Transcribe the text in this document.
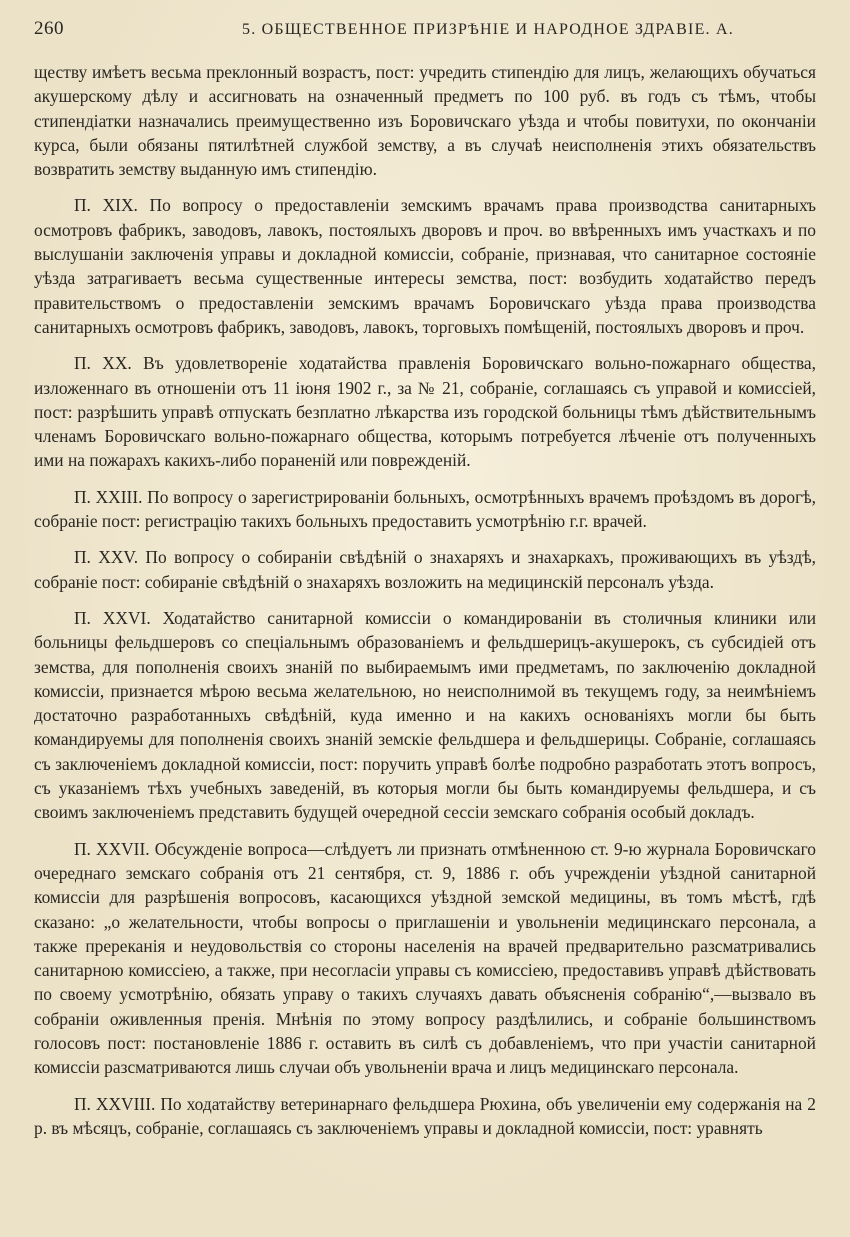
260	5. ОБЩЕСТВЕННОЕ ПРИЗРѢНІЕ И НАРОДНОЕ ЗДРАВІЕ. А.

ществу имѣетъ весьма преклонный возрастъ, пост: учредить стипендію для лицъ, желающихъ обучаться акушерскому дѣлу и ассигновать на означенный предметъ по 100 руб. въ годъ съ тѣмъ, чтобы стипендіатки назначались преимущественно изъ Боровичскаго уѣзда и чтобы повитухи, по окончаніи курса, были обязаны пятилѣтней службой земству, а въ случаѣ неисполненія этихъ обязательствъ возвратить земству выданную имъ стипендію.

П. XIX. По вопросу о предоставленіи земскимъ врачамъ права производства санитарныхъ осмотровъ фабрикъ, заводовъ, лавокъ, постоялыхъ дворовъ и проч. во ввѣренныхъ имъ участкахъ и по выслушаніи заключенія управы и докладной комиссіи, собраніе, признавая, что санитарное состояніе уѣзда затрагиваетъ весьма существенные интересы земства, пост: возбудить ходатайство передъ правительствомъ о предоставленіи земскимъ врачамъ Боровичскаго уѣзда права производства санитарныхъ осмотровъ фабрикъ, заводовъ, лавокъ, торговыхъ помѣщеній, постоялыхъ дворовъ и проч.

П. XX. Въ удовлетвореніе ходатайства правленія Боровичскаго вольно-пожарнаго общества, изложеннаго въ отношеніи отъ 11 іюня 1902 г., за № 21, собраніе, соглашаясь съ управой и комиссіей, пост: разрѣшить управѣ отпускать безплатно лѣкарства изъ городской больницы тѣмъ дѣйствительнымъ членамъ Боровичскаго вольно-пожарнаго общества, которымъ потребуется лѣченіе отъ полученныхъ ими на пожарахъ какихъ-либо пораненій или поврежденій.

П. XXIII. По вопросу о зарегистрированіи больныхъ, осмотрѣнныхъ врачемъ проѣздомъ въ дорогѣ, собраніе пост: регистрацію такихъ больныхъ предоставить усмотрѣнію г.г. врачей.

П. XXV. По вопросу о собираніи свѣдѣній о знахаряхъ и знахаркахъ, проживающихъ въ уѣздѣ, собраніе пост: собираніе свѣдѣній о знахаряхъ возложить на медицинскій персоналъ уѣзда.

П. XXVI. Ходатайство санитарной комиссіи о командированіи въ столичныя клиники или больницы фельдшеровъ со спеціальнымъ образованіемъ и фельдшерицъ-акушерокъ, съ субсидіей отъ земства, для пополненія своихъ знаній по выбираемымъ ими предметамъ, по заключенію докладной комиссіи, признается мѣрою весьма желательною, но неисполнимой въ текущемъ году, за неимѣніемъ достаточно разработанныхъ свѣдѣній, куда именно и на какихъ основаніяхъ могли бы быть командируемы для пополненія своихъ знаній земскіе фельдшера и фельдшерицы. Собраніе, соглашаясь съ заключеніемъ докладной комиссіи, пост: поручить управѣ болѣе подробно разработать этотъ вопросъ, съ указаніемъ тѣхъ учебныхъ заведеній, въ которыя могли бы быть командируемы фельдшера, и съ своимъ заключеніемъ представить будущей очередной сессіи земскаго собранія особый докладъ.

П. XXVII. Обсужденіе вопроса—слѣдуетъ ли признать отмѣненною ст. 9-ю журнала Боровичскаго очереднаго земскаго собранія отъ 21 сентября, ст. 9, 1886 г. объ учрежденіи уѣздной санитарной комиссіи для разрѣшенія вопросовъ, касающихся уѣздной земской медицины, въ томъ мѣстѣ, гдѣ сказано: „о желательности, чтобы вопросы о приглашеніи и увольненіи медицинскаго персонала, а также пререканія и неудовольствія со стороны населенія на врачей предварительно разсматривались санитарною комиссіею, а также, при несогласіи управы съ комиссіею, предоставивъ управѣ дѣйствовать по своему усмотрѣнію, обязать управу о такихъ случаяхъ давать объясненія собранію“,—вызвало въ собраніи оживленныя пренія. Мнѣнія по этому вопросу раздѣлились, и собраніе большинствомъ голосовъ пост: постановленіе 1886 г. оставить въ силѣ съ добавленіемъ, что при участіи санитарной комиссіи разсматриваются лишь случаи объ увольненіи врача и лицъ медицинскаго персонала.

П. XXVIII. По ходатайству ветеринарнаго фельдшера Рюхина, объ увеличеніи ему содержанія на 2 р. въ мѣсяцъ, собраніе, соглашаясь съ заключеніемъ управы и докладной комиссіи, пост: уравнять
